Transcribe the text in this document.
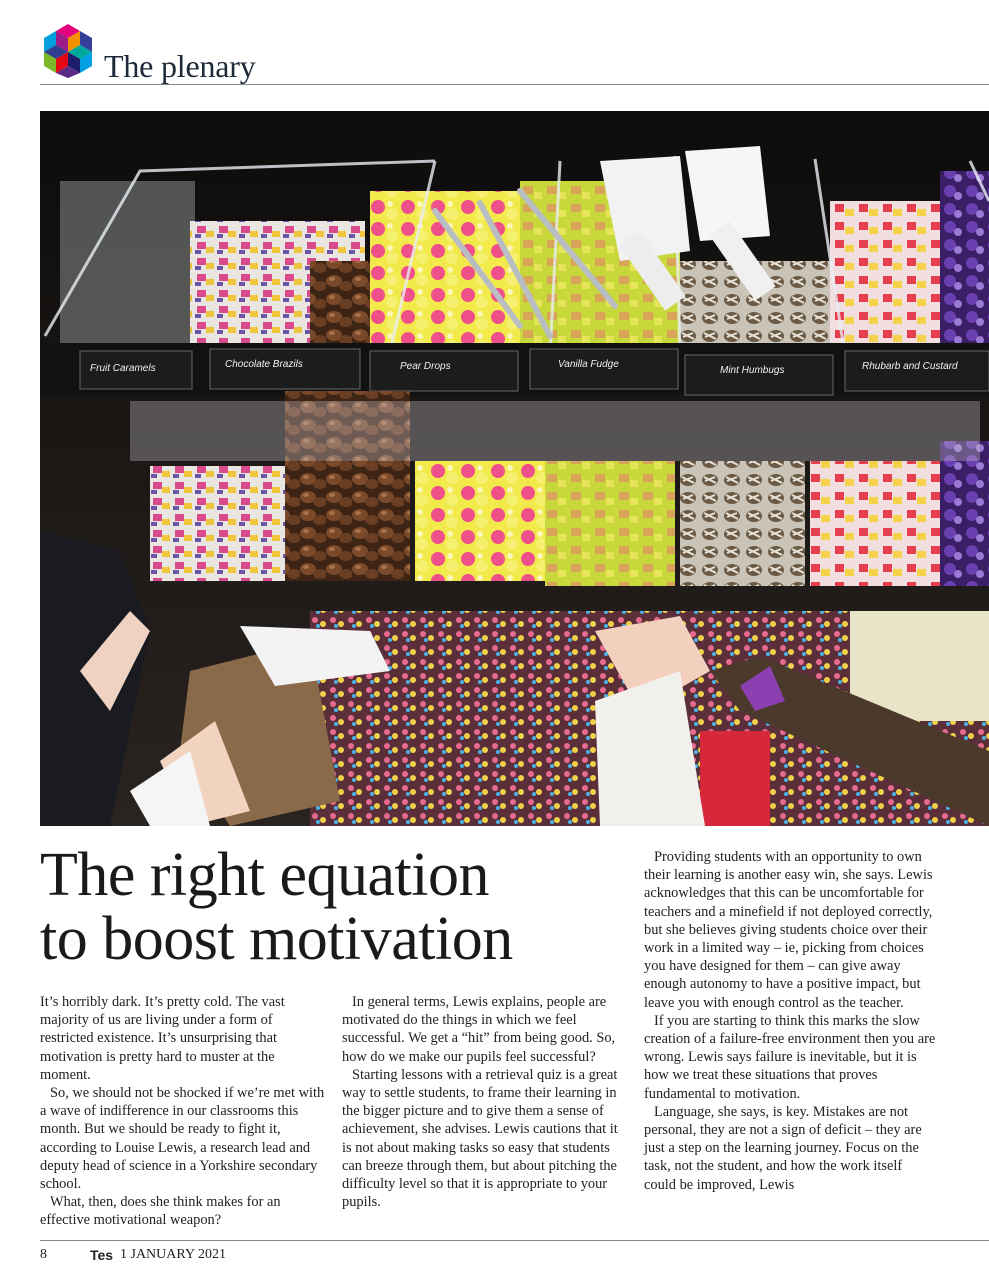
The plenary
Fruit Caramels	Chocolate Brazils	Pear Drops	Vanilla Fudge
Mint Humbugs	Rhubarb and Custard
The right equation
to boost motivation

It’s horribly dark. It’s pretty cold. The vast majority of us are living under a form of restricted existence. It’s unsurprising that motivation is pretty hard to muster at the moment.

So, we should not be shocked if we’re met with a wave of indifference in our classrooms this month. But we should be ready to fight it, according to Louise Lewis, a research lead and deputy head of science in a Yorkshire secondary school.

What, then, does she think makes for an effective motivational weapon?

In general terms, Lewis explains, people are motivated do the things in which we feel successful. We get a “hit” from being good. So, how do we make our pupils feel successful?

Starting lessons with a retrieval quiz is a great way to settle students, to frame their learning in the bigger picture and to give them a sense of achievement, she advises. Lewis cautions that it is not about making tasks so easy that students can breeze through them, but about pitching the difficulty level so that it is appropriate to your pupils.

Providing students with an opportunity to own their learning is another easy win, she says. Lewis acknowledges that this can be uncomfortable for teachers and a minefield if not deployed correctly, but she believes giving students choice over their work in a limited way – ie, picking from choices you have designed for them – can give away enough autonomy to have a positive impact, but leave you with enough control as the teacher.

If you are starting to think this marks the slow creation of a failure-free environment then you are wrong. Lewis says failure is inevitable, but it is how we treat these situations that proves fundamental to motivation.

Language, she says, is key. Mistakes are not personal, they are not a sign of deficit – they are just a step on the learning journey. Focus on the task, not the student, and how the work itself could be improved, Lewis

8	Tes 1 JANUARY 2021
